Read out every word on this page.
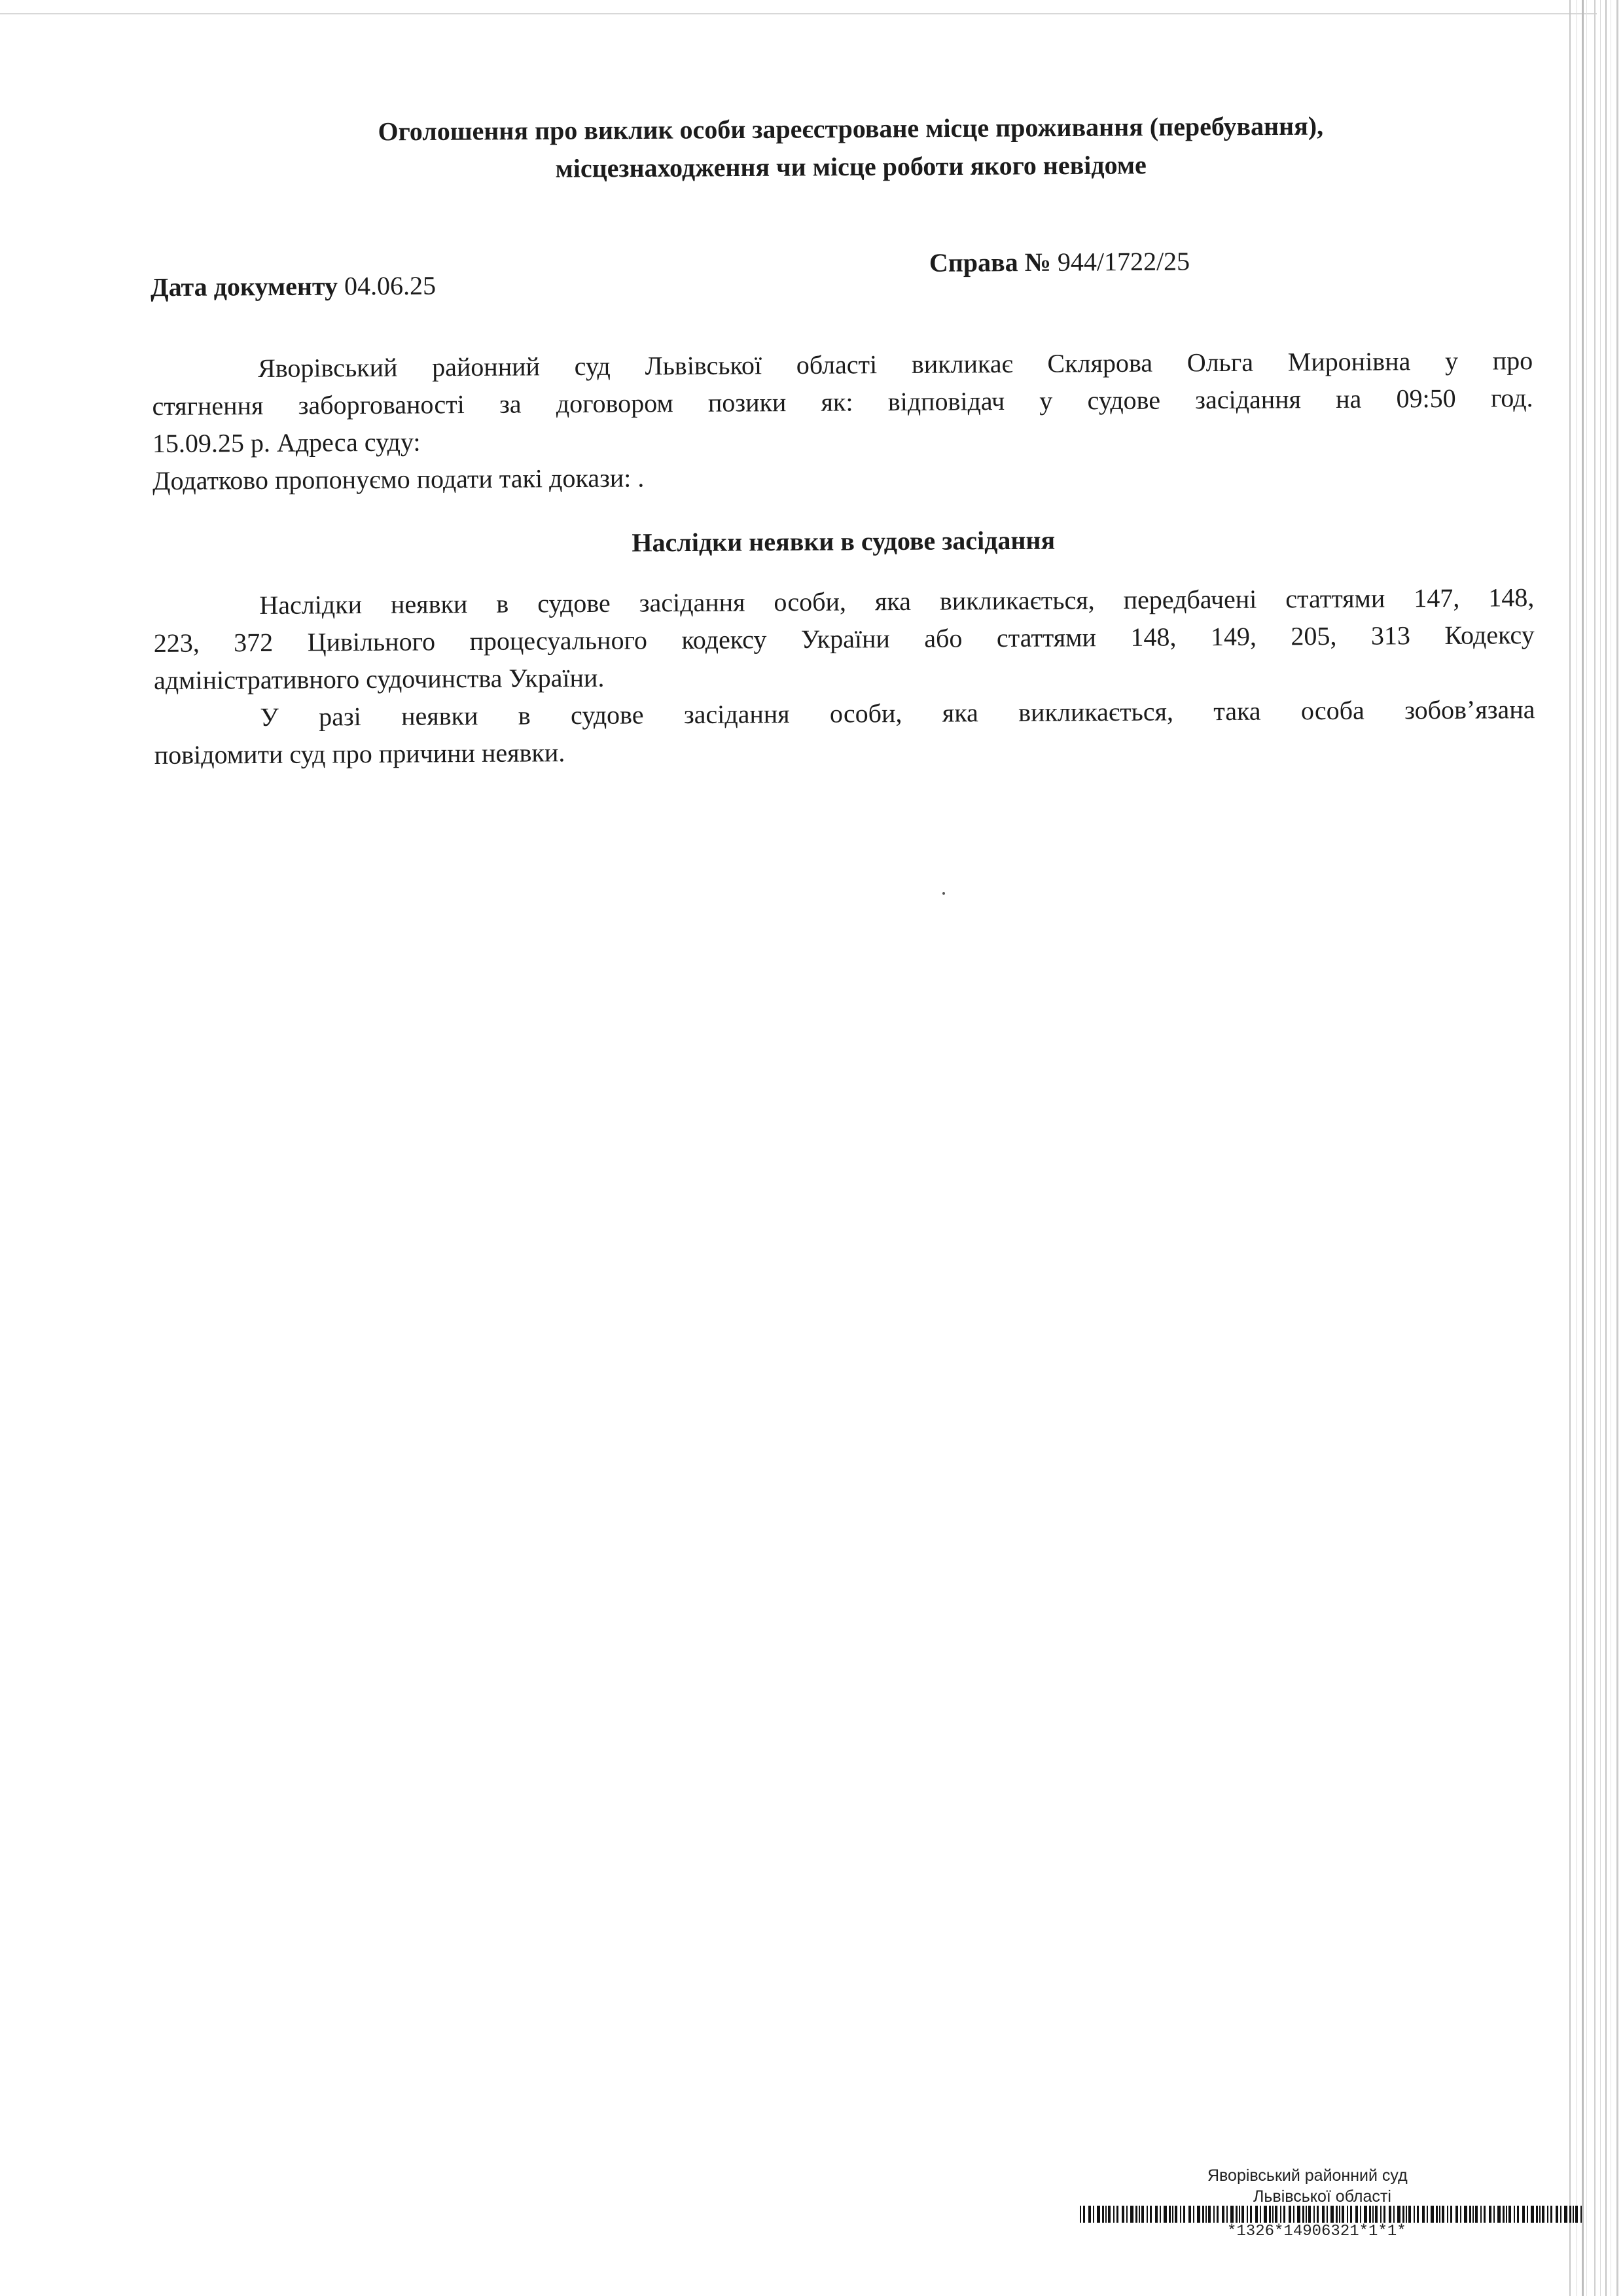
Оголошення про виклик особи зареєстроване місце проживання (перебування),
місцезнаходження чи місце роботи якого невідоме
Дата документу 04.06.25
Справа № 944/1722/25

Яворівський районний суд Львівської області викликає Склярова Ольга Миронівна у про

стягнення заборгованості за договором позики як: відповідач у судове засідання на 09:50 год.

15.09.25 р. Адреса суду:

Додатково пропонуємо подати такі докази: .

Наслідки неявки в судове засідання

Наслідки неявки в судове засідання особи, яка викликається, передбачені статтями 147, 148,

223, 372 Цивільного процесуального кодексу України або статтями 148, 149, 205, 313 Кодексу

адміністративного судочинства України.

У разі неявки в судове засідання особи, яка викликається, така особа зобов’язана

повідомити суд про причини неявки.

Яворівський районний суд
Львівської області
*1326*14906321*1*1*
